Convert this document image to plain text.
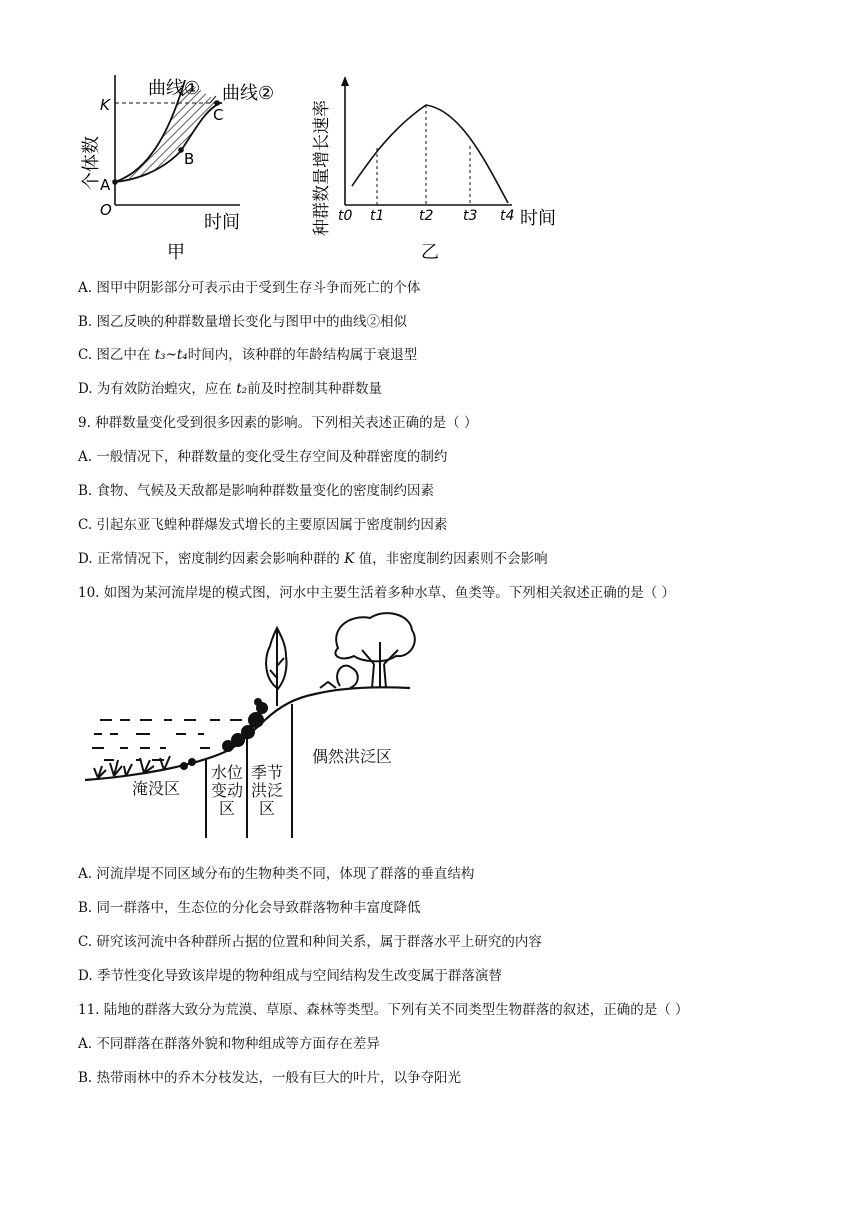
曲线① 曲线②
K
A
B
C
O
时间
个体数
甲
t0 t1 t2 t3 t4 时间
种群数量增长速率
乙
A. 图甲中阴影部分可表示由于受到生存斗争而死亡的个体
B. 图乙反映的种群数量增长变化与图甲中的曲线②相似
C. 图乙中在 t₃~t₄时间内，该种群的年龄结构属于衰退型
D. 为有效防治蝗灾，应在 t₂前及时控制其种群数量
9. 种群数量变化受到很多因素的影响。下列相关表述正确的是（ ）
A. 一般情况下，种群数量的变化受生存空间及种群密度的制约
B. 食物、气候及天敌都是影响种群数量变化的密度制约因素
C. 引起东亚飞蝗种群爆发式增长的主要原因属于密度制约因素
D. 正常情况下，密度制约因素会影响种群的 K 值，非密度制约因素则不会影响
10. 如图为某河流岸堤的模式图，河水中主要生活着多种水草、鱼类等。下列相关叙述正确的是（ ）
淹没区
水位
变动
区
季节
洪泛
区
偶然洪泛区
A. 河流岸堤不同区域分布的生物种类不同，体现了群落的垂直结构
B. 同一群落中，生态位的分化会导致群落物种丰富度降低
C. 研究该河流中各种群所占据的位置和种间关系，属于群落水平上研究的内容
D. 季节性变化导致该岸堤的物种组成与空间结构发生改变属于群落演替
11. 陆地的群落大致分为荒漠、草原、森林等类型。下列有关不同类型生物群落的叙述，正确的是（ ）
A. 不同群落在群落外貌和物种组成等方面存在差异
B. 热带雨林中的乔木分枝发达，一般有巨大的叶片，以争夺阳光
